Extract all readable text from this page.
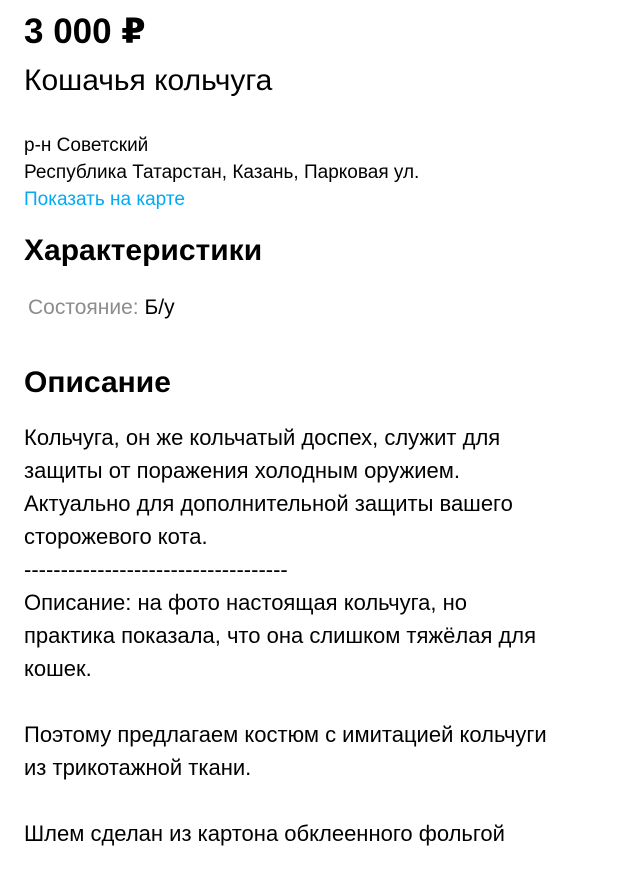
3 000 ₽
Кошачья кольчуга
р-н Советский
Республика Татарстан, Казань, Парковая ул.
Показать на карте
Характеристики
Состояние: Б/у
Описание

Кольчуга, он же кольчатый доспех, служит для

защиты от поражения холодным оружием.

Актуально для дополнительной защиты вашего

сторожевого кота.

------------------------------------

Описание: на фото настоящая кольчуга, но

практика показала, что она слишком тяжёлая для

кошек.

Поэтому предлагаем костюм с имитацией кольчуги

из трикотажной ткани.

Шлем сделан из картона обклеенного фольгой
